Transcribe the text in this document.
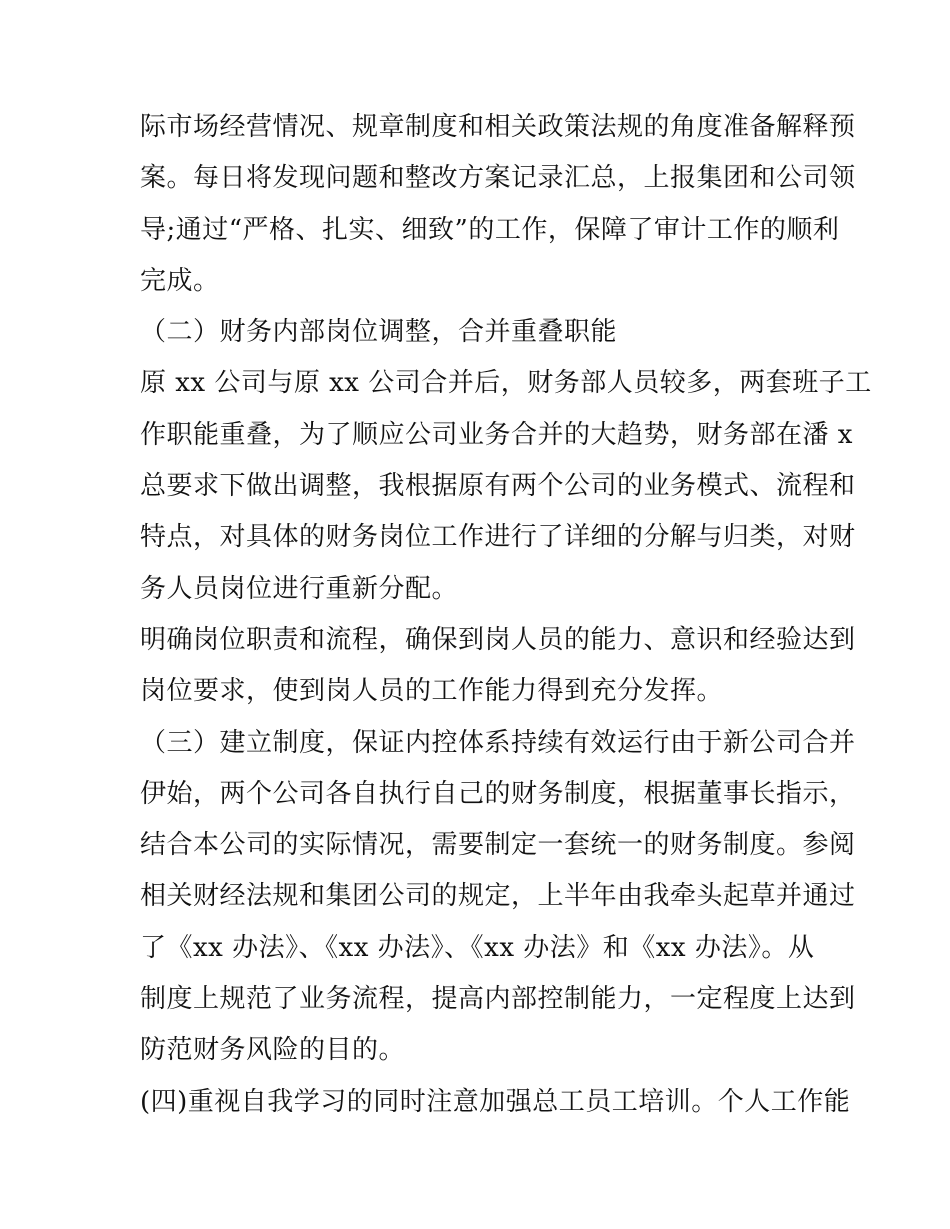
际市场经营情况、规章制度和相关政策法规的角度准备解释预
案。每日将发现问题和整改方案记录汇总，上报集团和公司领
导;通过“严格、扎实、细致”的工作，保障了审计工作的顺利
完成。
（二）财务内部岗位调整，合并重叠职能
原 xx 公司与原 xx 公司合并后，财务部人员较多，两套班子工
作职能重叠，为了顺应公司业务合并的大趋势，财务部在潘 x
总要求下做出调整，我根据原有两个公司的业务模式、流程和
特点，对具体的财务岗位工作进行了详细的分解与归类，对财
务人员岗位进行重新分配。
明确岗位职责和流程，确保到岗人员的能力、意识和经验达到
岗位要求，使到岗人员的工作能力得到充分发挥。
（三）建立制度，保证内控体系持续有效运行由于新公司合并
伊始，两个公司各自执行自己的财务制度，根据董事长指示，
结合本公司的实际情况，需要制定一套统一的财务制度。参阅
相关财经法规和集团公司的规定，上半年由我牵头起草并通过
了《xx 办法》、《xx 办法》、《xx 办法》和《xx 办法》。从
制度上规范了业务流程，提高内部控制能力，一定程度上达到
防范财务风险的目的。
(四)重视自我学习的同时注意加强总工员工培训。个人工作能
